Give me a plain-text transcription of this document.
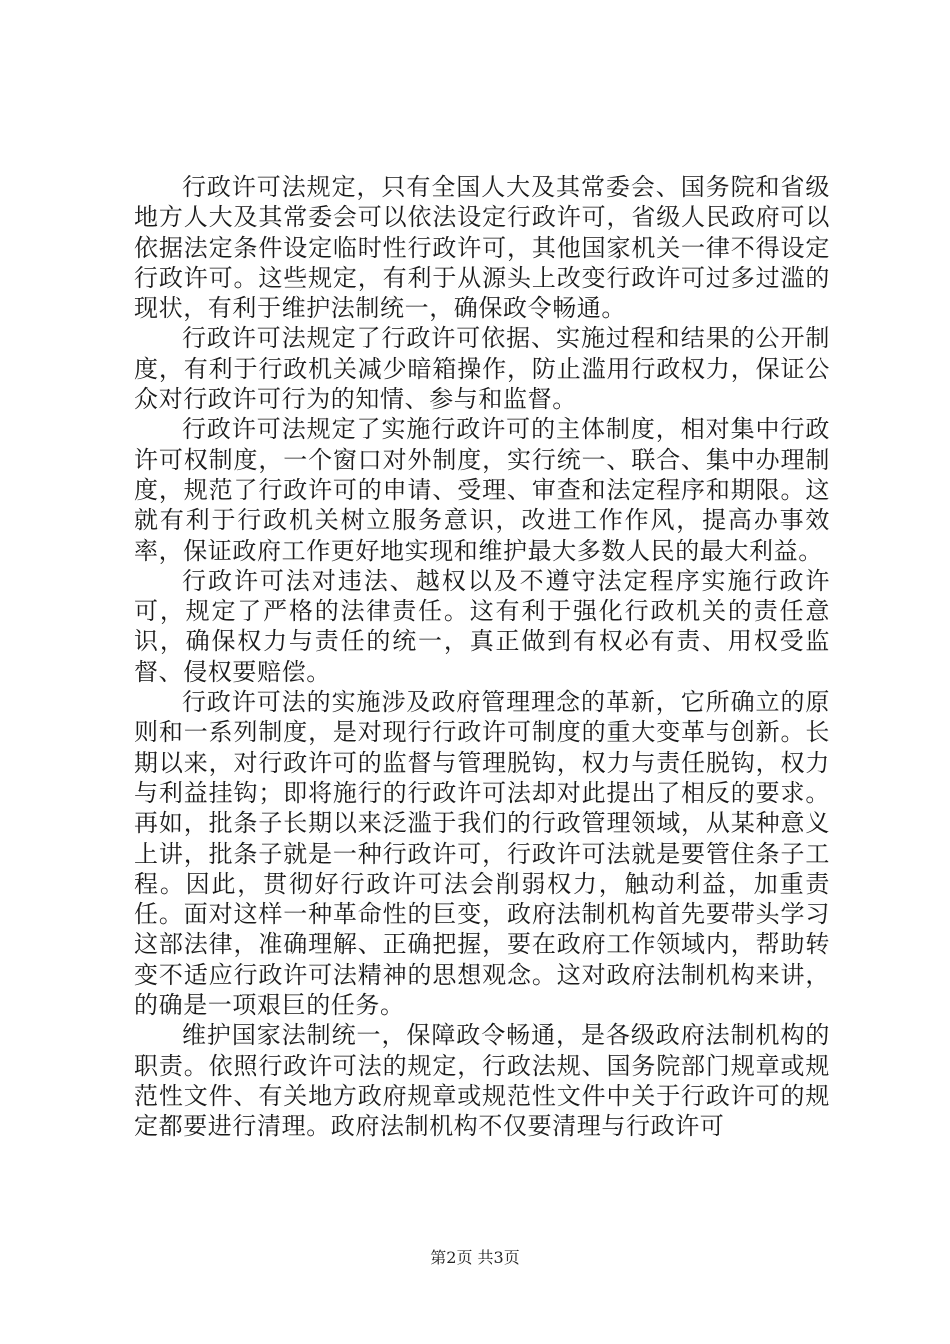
行政许可法规定，只有全国人大及其常委会、国务院和省级地方人大及其常委会可以依法设定行政许可，省级人民政府可以依据法定条件设定临时性行政许可，其他国家机关一律不得设定行政许可。这些规定，有利于从源头上改变行政许可过多过滥的现状，有利于维护法制统一，确保政令畅通。

行政许可法规定了行政许可依据、实施过程和结果的公开制度，有利于行政机关减少暗箱操作，防止滥用行政权力，保证公众对行政许可行为的知情、参与和监督。

行政许可法规定了实施行政许可的主体制度，相对集中行政许可权制度，一个窗口对外制度，实行统一、联合、集中办理制度，规范了行政许可的申请、受理、审查和法定程序和期限。这就有利于行政机关树立服务意识，改进工作作风，提高办事效率，保证政府工作更好地实现和维护最大多数人民的最大利益。

行政许可法对违法、越权以及不遵守法定程序实施行政许可，规定了严格的法律责任。这有利于强化行政机关的责任意识，确保权力与责任的统一，真正做到有权必有责、用权受监督、侵权要赔偿。

行政许可法的实施涉及政府管理理念的革新，它所确立的原则和一系列制度，是对现行行政许可制度的重大变革与创新。长期以来，对行政许可的监督与管理脱钩，权力与责任脱钩，权力与利益挂钩；即将施行的行政许可法却对此提出了相反的要求。再如，批条子长期以来泛滥于我们的行政管理领域，从某种意义上讲，批条子就是一种行政许可，行政许可法就是要管住条子工程。因此，贯彻好行政许可法会削弱权力，触动利益，加重责任。面对这样一种革命性的巨变，政府法制机构首先要带头学习这部法律，准确理解、正确把握，要在政府工作领域内，帮助转变不适应行政许可法精神的思想观念。这对政府法制机构来讲，的确是一项艰巨的任务。

维护国家法制统一，保障政令畅通，是各级政府法制机构的职责。依照行政许可法的规定，行政法规、国务院部门规章或规范性文件、有关地方政府规章或规范性文件中关于行政许可的规定都要进行清理。政府法制机构不仅要清理与行政许可

第2页 共3页
